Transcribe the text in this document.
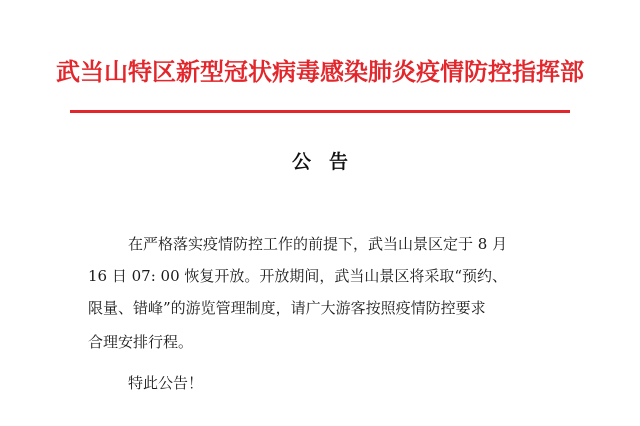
武当山特区新型冠状病毒感染肺炎疫情防控指挥部
公告
在严格落实疫情防控工作的前提下，武当山景区定于 8 月
16 日 07: 00 恢复开放。开放期间，武当山景区将采取“预约、
限量、错峰”的游览管理制度，请广大游客按照疫情防控要求
合理安排行程。
特此公告！
